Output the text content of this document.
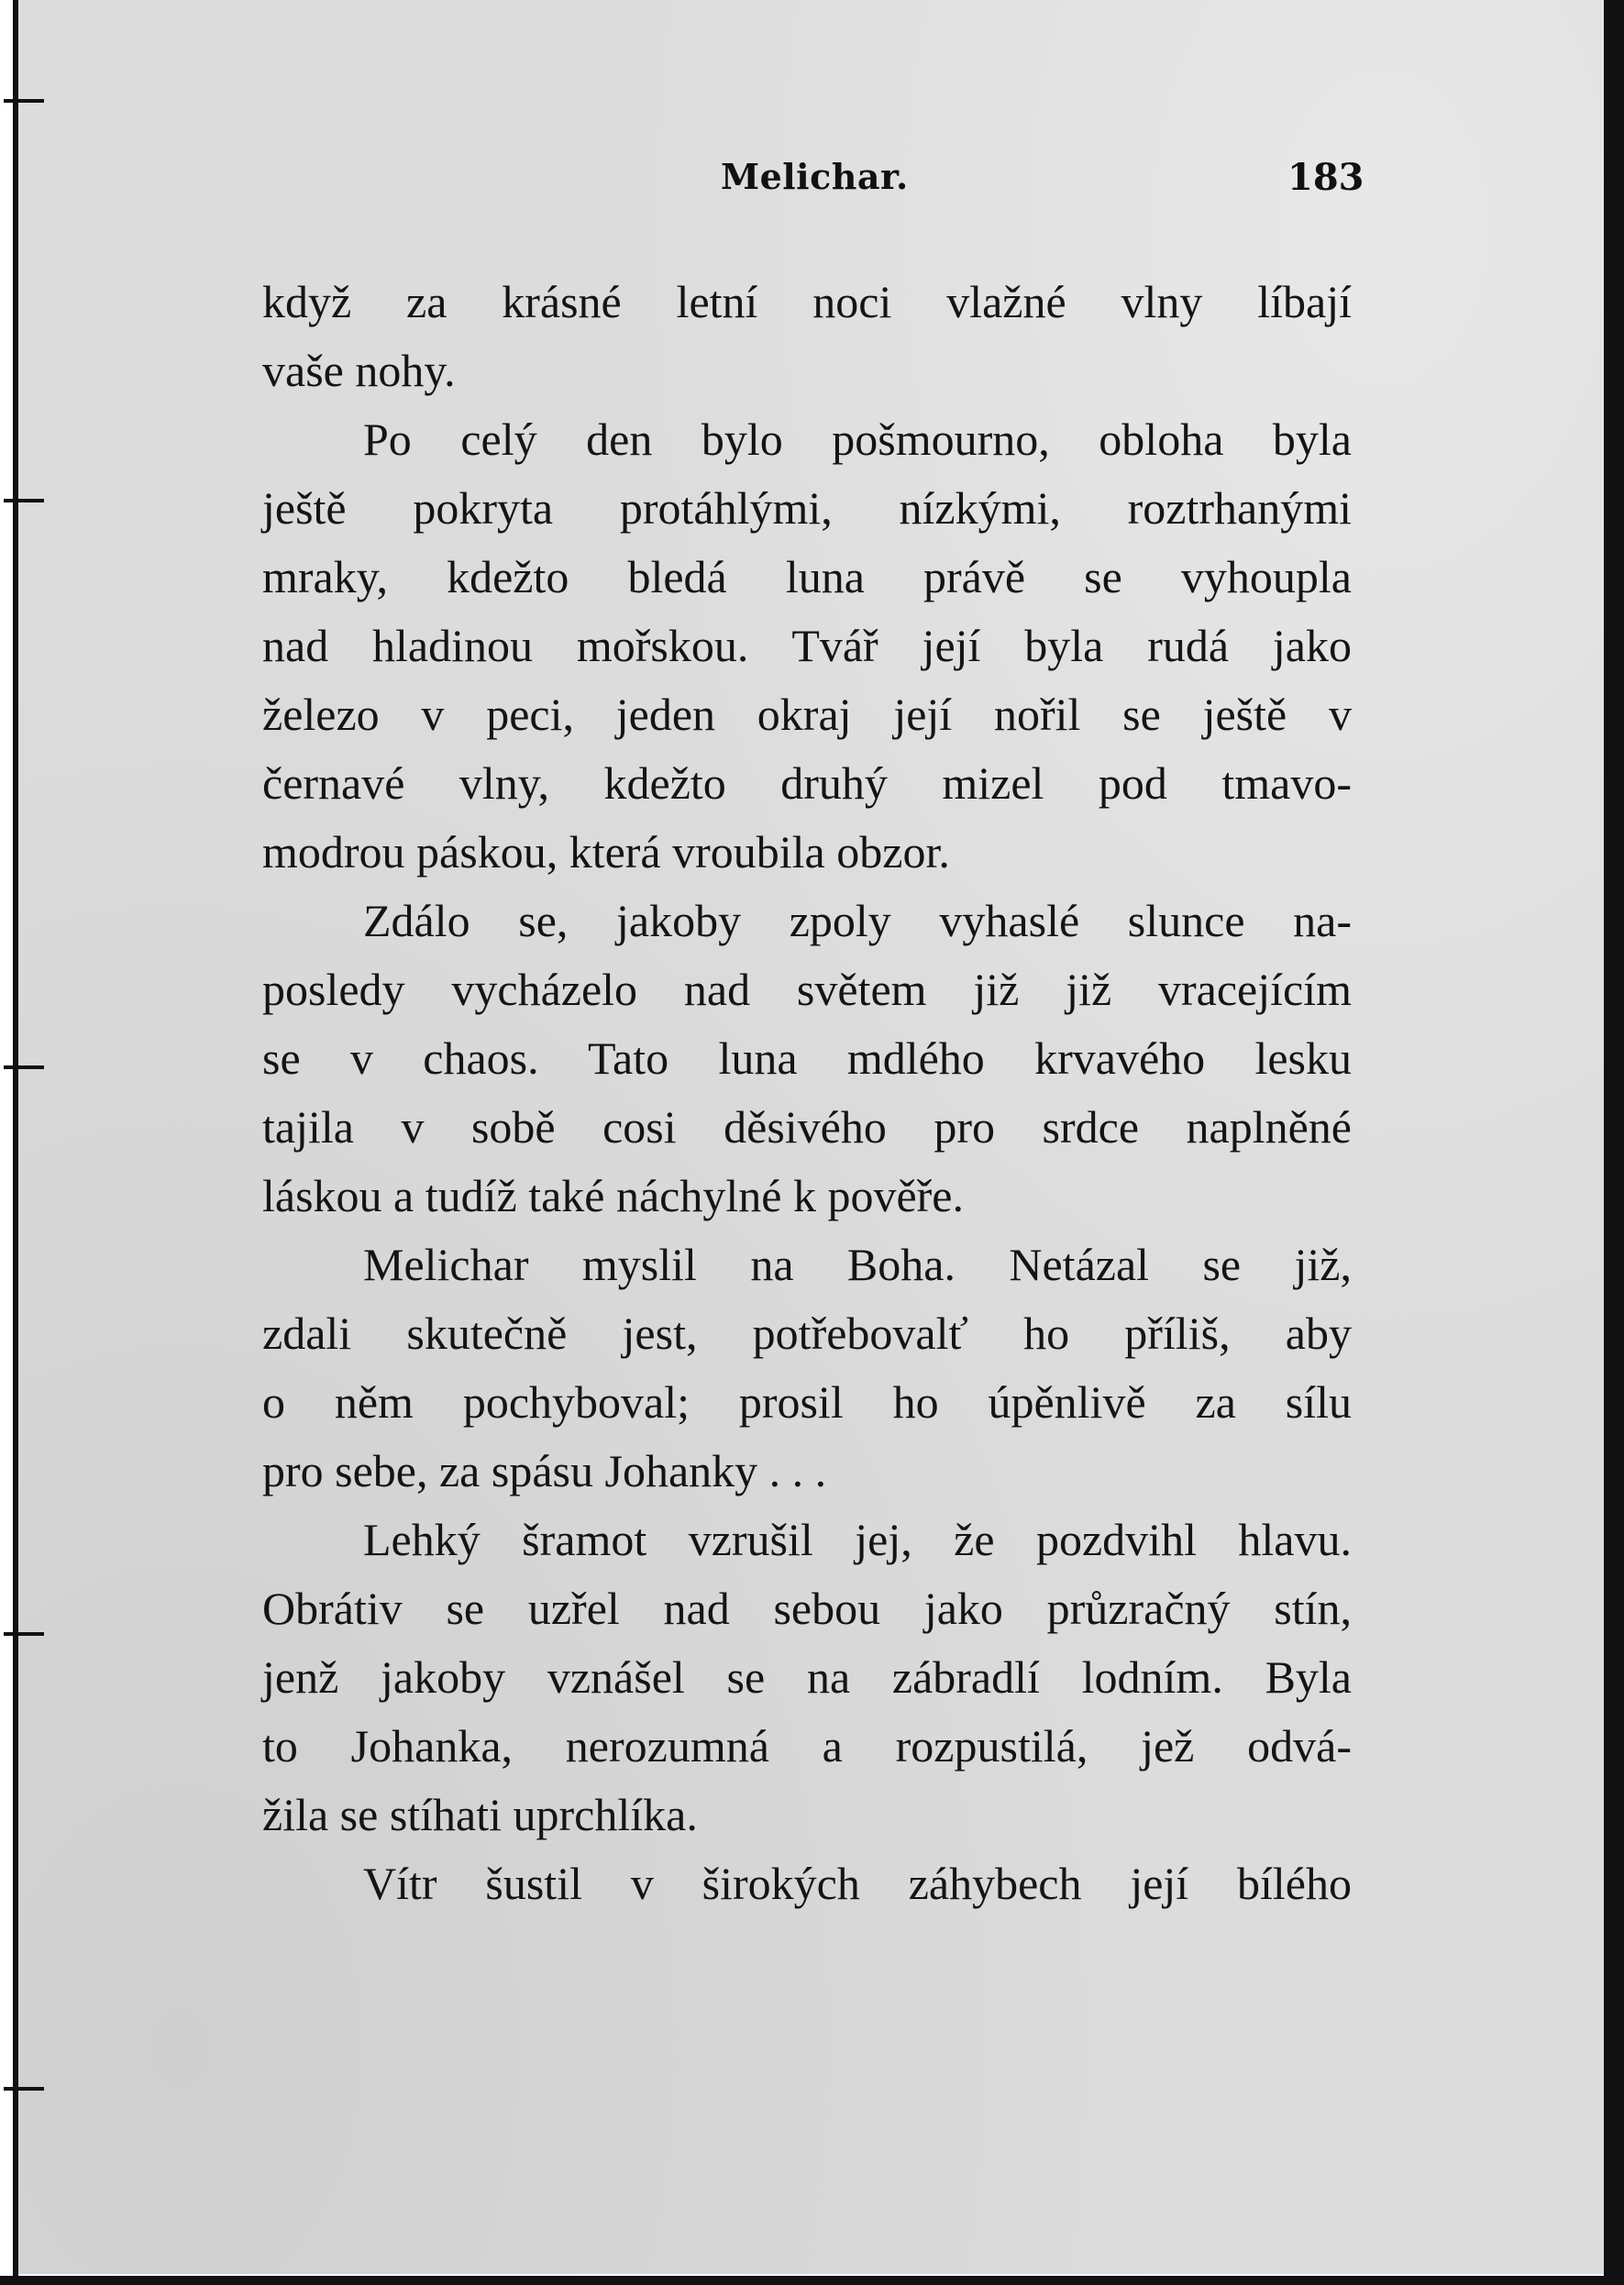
Melichar.	183
když za krásné letní noci vlažné vlny líbají
vaše nohy.
Po celý den bylo pošmourno, obloha byla
ještě pokryta protáhlými, nízkými, roztrhanými
mraky, kdežto bledá luna právě se vyhoupla
nad hladinou mořskou. Tvář její byla rudá jako
železo v peci, jeden okraj její nořil se ještě v
černavé vlny, kdežto druhý mizel pod tmavo-
modrou páskou, která vroubila obzor.
Zdálo se, jakoby zpoly vyhaslé slunce na-
posledy vycházelo nad světem již již vracejícím
se v chaos. Tato luna mdlého krvavého lesku
tajila v sobě cosi děsivého pro srdce naplněné
láskou a tudíž také náchylné k pověře.
Melichar myslil na Boha. Netázal se již,
zdali skutečně jest, potřebovalť ho příliš, aby
o něm pochyboval; prosil ho úpěnlivě za sílu
pro sebe, za spásu Johanky . . .
Lehký šramot vzrušil jej, že pozdvihl hlavu.
Obrátiv se uzřel nad sebou jako průzračný stín,
jenž jakoby vznášel se na zábradlí lodním. Byla
to Johanka, nerozumná a rozpustilá, jež odvá-
žila se stíhati uprchlíka.
Vítr šustil v širokých záhybech její bílého
